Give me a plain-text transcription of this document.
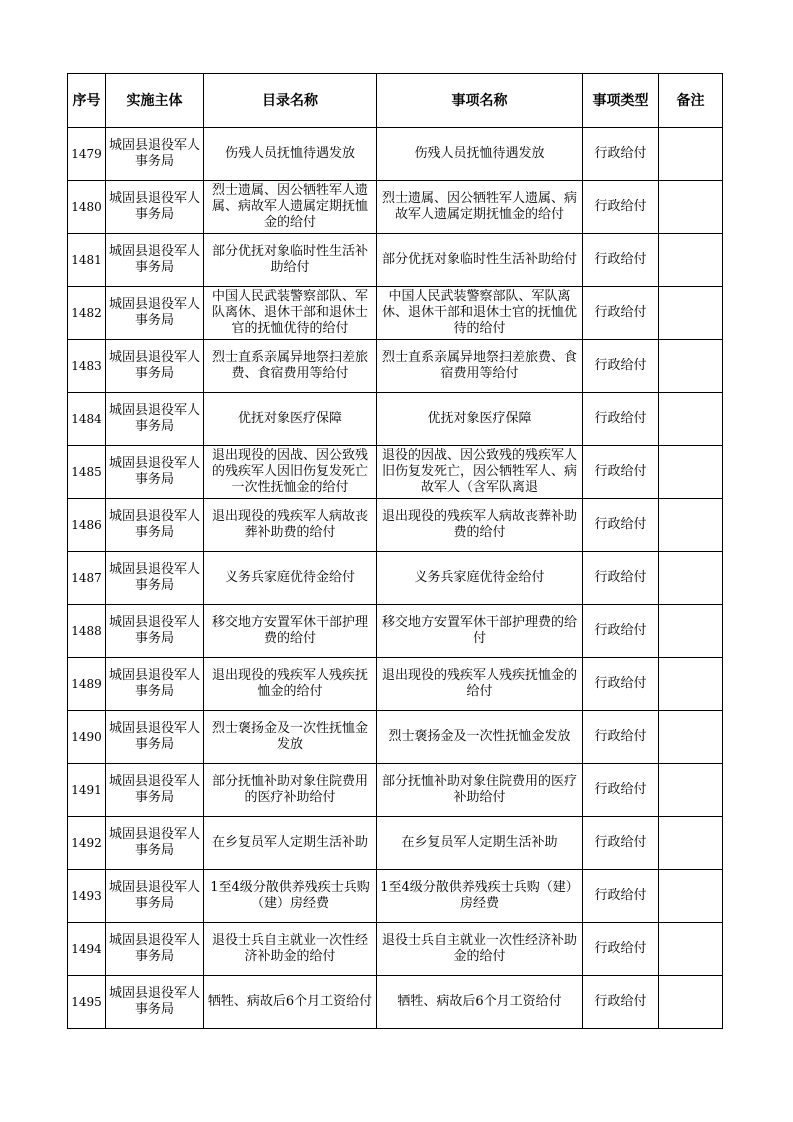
序号	实施主体	目录名称	事项名称	事项类型	备注

1479	城固县退役军人事务局	伤残人员抚恤待遇发放	伤残人员抚恤待遇发放	行政给付	

1480	城固县退役军人事务局	烈士遗属、因公牺牲军人遗属、病故军人遗属定期抚恤金的给付	烈士遗属、因公牺牲军人遗属、病故军人遗属定期抚恤金的给付	行政给付	

1481	城固县退役军人事务局	部分优抚对象临时性生活补助给付	部分优抚对象临时性生活补助给付	行政给付	

1482	城固县退役军人事务局	中国人民武装警察部队、军队离休、退休干部和退休士官的抚恤优待的给付	中国人民武装警察部队、军队离休、退休干部和退休士官的抚恤优待的给付	行政给付	

1483	城固县退役军人事务局	烈士直系亲属异地祭扫差旅费、食宿费用等给付	烈士直系亲属异地祭扫差旅费、食宿费用等给付	行政给付	

1484	城固县退役军人事务局	优抚对象医疗保障	优抚对象医疗保障	行政给付	

1485	城固县退役军人事务局	退出现役的因战、因公致残的残疾军人因旧伤复发死亡一次性抚恤金的给付	退役的因战、因公致残的残疾军人旧伤复发死亡，因公牺牲军人、病故军人（含军队离退	行政给付	

1486	城固县退役军人事务局	退出现役的残疾军人病故丧葬补助费的给付	退出现役的残疾军人病故丧葬补助费的给付	行政给付	

1487	城固县退役军人事务局	义务兵家庭优待金给付	义务兵家庭优待金给付	行政给付	

1488	城固县退役军人事务局	移交地方安置军休干部护理费的给付	移交地方安置军休干部护理费的给付	行政给付	

1489	城固县退役军人事务局	退出现役的残疾军人残疾抚恤金的给付	退出现役的残疾军人残疾抚恤金的给付	行政给付	

1490	城固县退役军人事务局	烈士褒扬金及一次性抚恤金发放	烈士褒扬金及一次性抚恤金发放	行政给付	

1491	城固县退役军人事务局	部分抚恤补助对象住院费用的医疗补助给付	部分抚恤补助对象住院费用的医疗补助给付	行政给付	

1492	城固县退役军人事务局	在乡复员军人定期生活补助	在乡复员军人定期生活补助	行政给付	

1493	城固县退役军人事务局	1至4级分散供养残疾士兵购（建）房经费	1至4级分散供养残疾士兵购（建）房经费	行政给付	

1494	城固县退役军人事务局	退役士兵自主就业一次性经济补助金的给付	退役士兵自主就业一次性经济补助金的给付	行政给付	

1495	城固县退役军人事务局	牺牲、病故后6个月工资给付	牺牲、病故后6个月工资给付	行政给付	
